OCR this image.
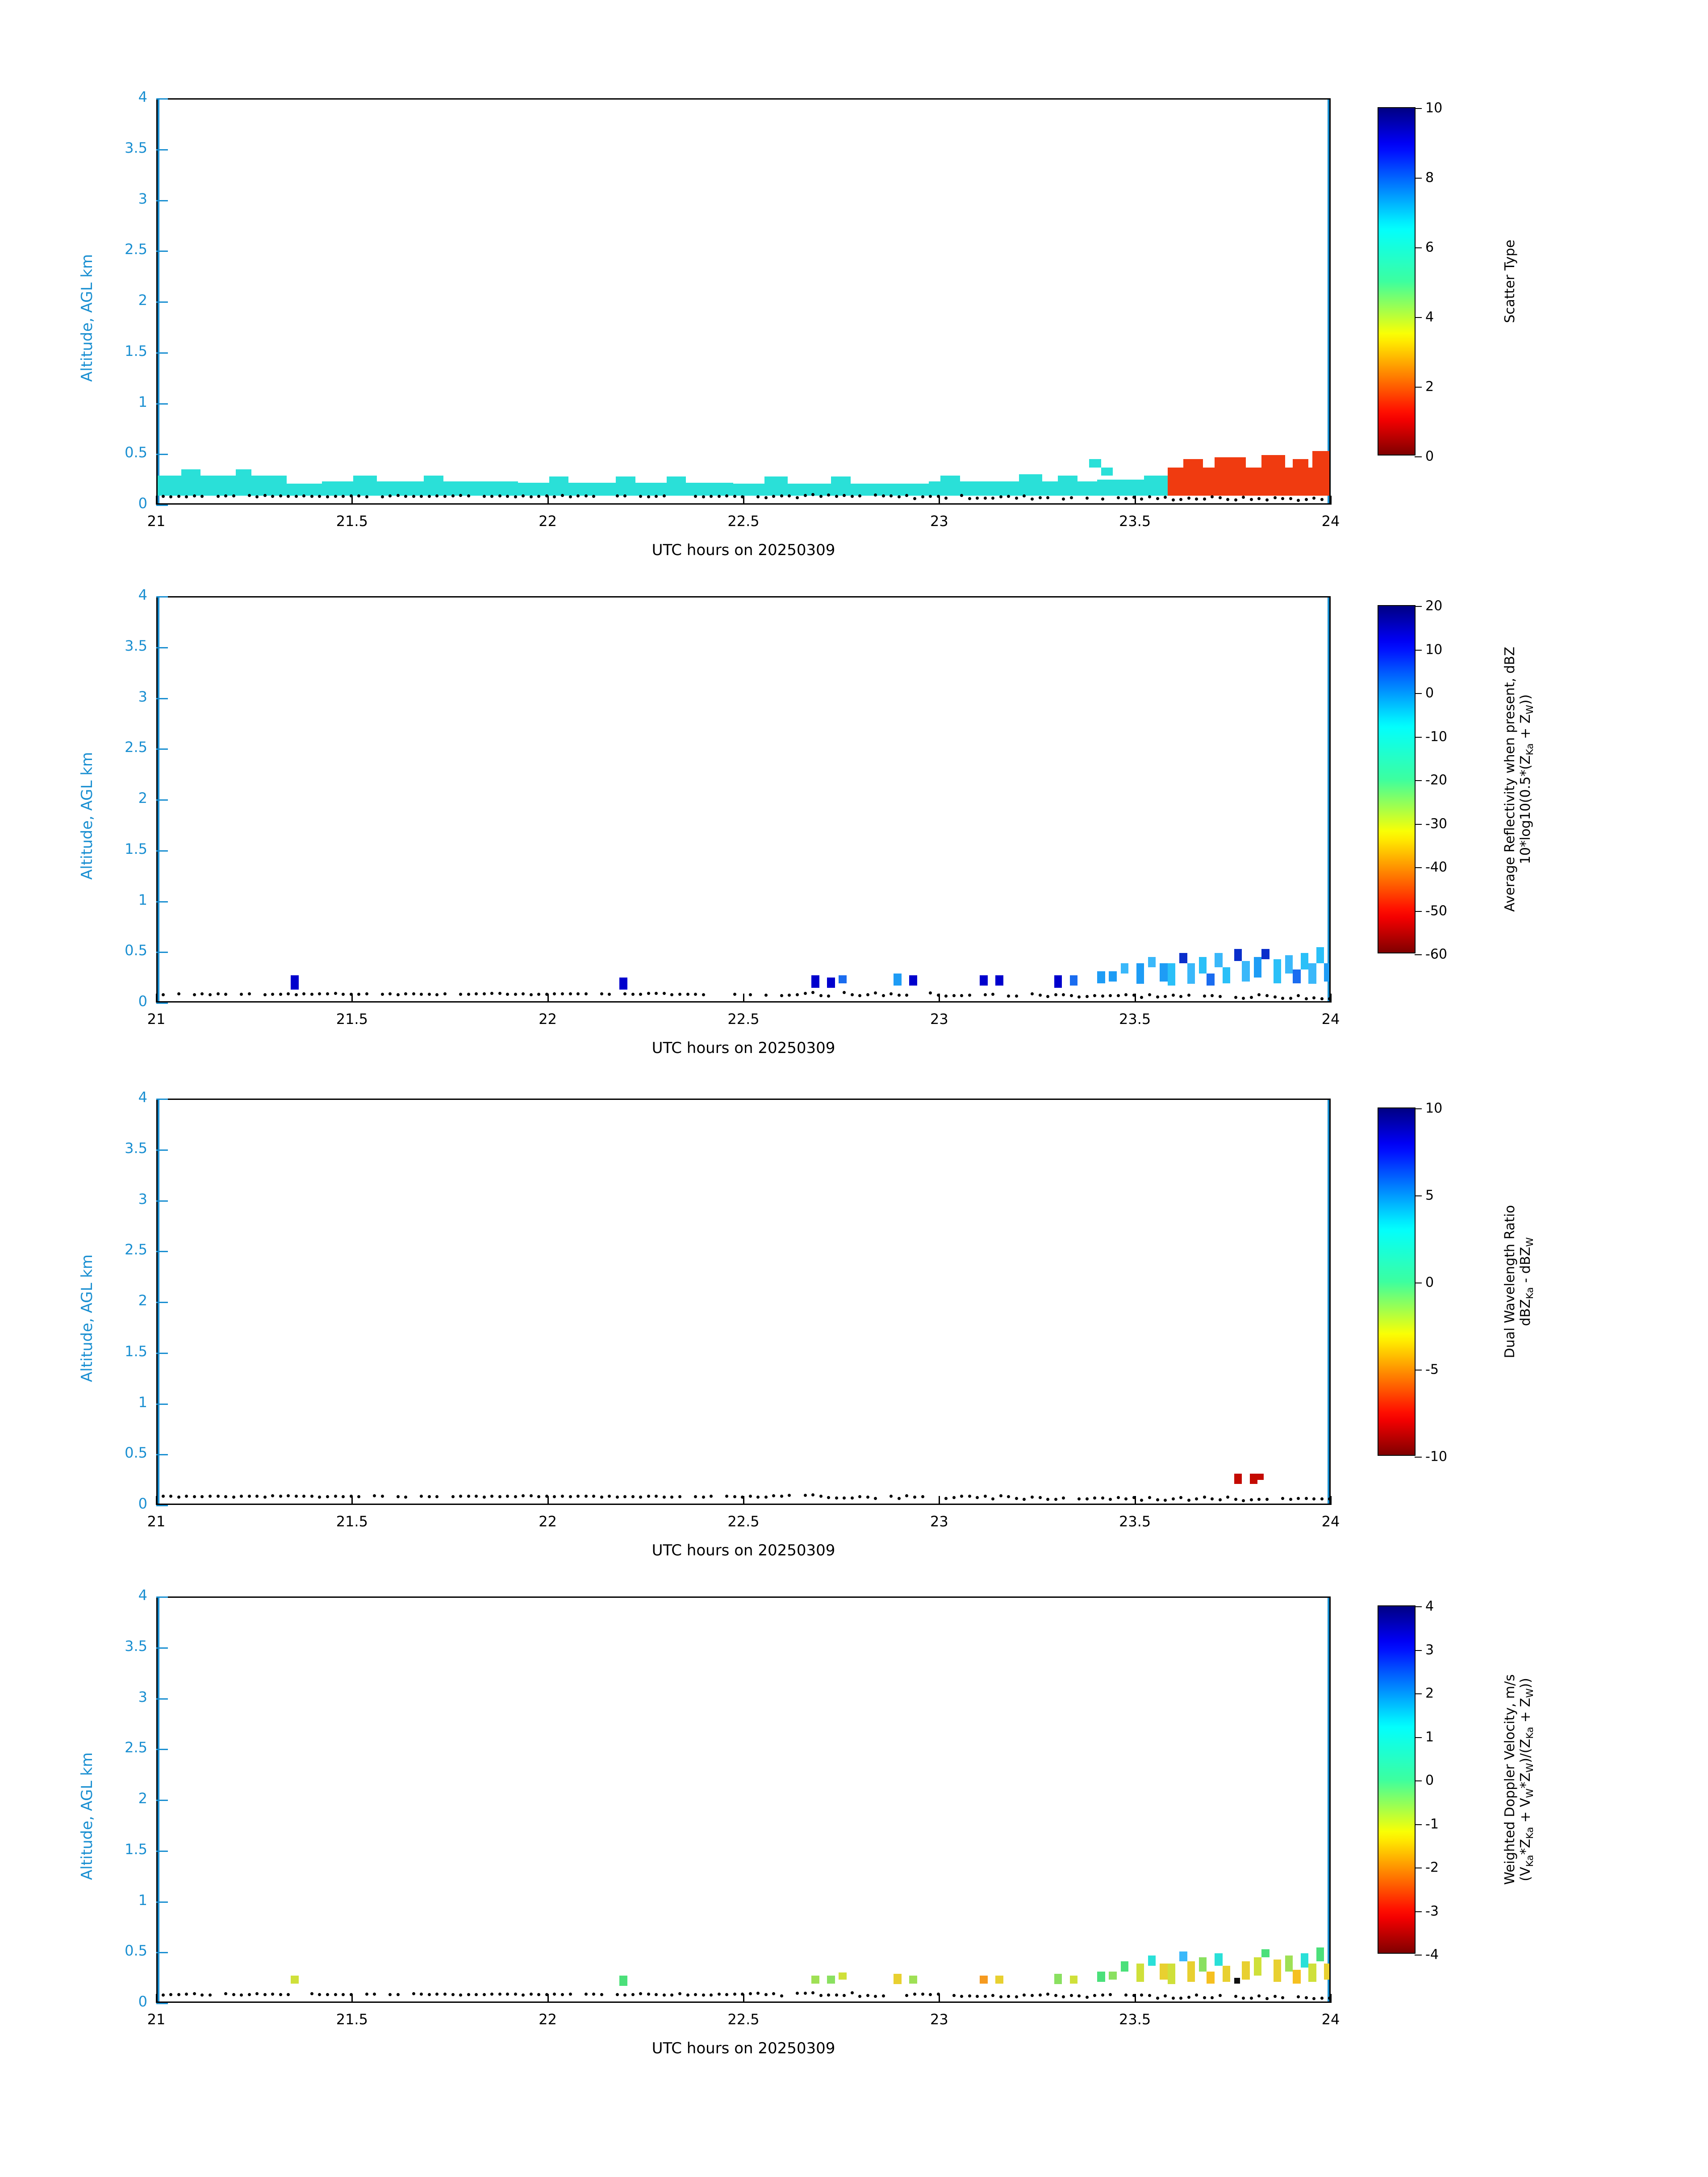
0
0.5
1
1.5
2
2.5
3
3.5
4
21	21.5	22	22.5	23	23.5	24
Altitude, AGL km
UTC hours on 20250309
0
2
4
6
8
10
Scatter Type
0
0.5
1
1.5
2
2.5
3
3.5
4
21	21.5	22	22.5	23	23.5	24
Altitude, AGL km
UTC hours on 20250309
-60
-50
-40
-30
-20
-10
0
10
20
Average Reflectivity when present, dBZ $10*\log 10(0.5*(Z_{Ka} + Z_W))$
0
0.5
1
1.5
2
2.5
3
3.5
4
21	21.5	22	22.5	23	23.5	24
Altitude, AGL km
UTC hours on 20250309
-10
-5
0
5
10
Dual Wavelength Ratio dBZ$_{Ka}$ - dBZ$_W$
0
0.5
1
1.5
2
2.5
3
3.5
4
21	21.5	22	22.5	23	23.5	24
Altitude, AGL km
UTC hours on 20250309
-4
-3
-2
-1
0
1
2
3
4
Weighted Doppler Velocity, m/s $(V_{Ka}*Z_{Ka} + V_W*Z_W)/(Z_{Ka} + Z_W)$)
